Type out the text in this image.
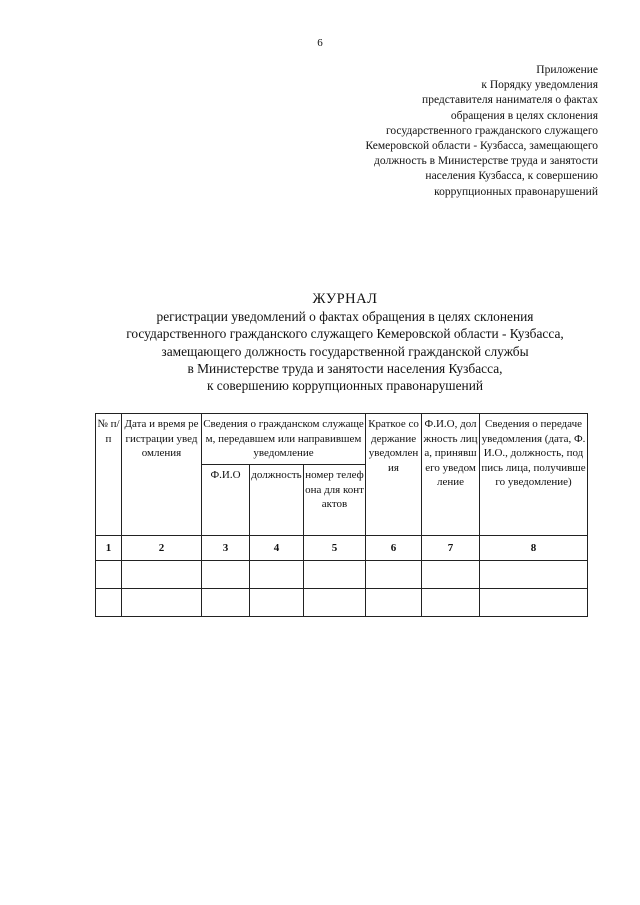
6
Приложение
к Порядку уведомления
представителя нанимателя о фактах
обращения в целях склонения
государственного гражданского служащего
Кемеровской области - Кузбасса, замещающего
должность в Министерстве труда и занятости
населения Кузбасса, к совершению
коррупционных правонарушений
ЖУРНАЛ
регистрации уведомлений о фактах обращения в целях склонения
государственного гражданского служащего Кемеровской области - Кузбасса,
замещающего должность государственной гражданской службы
в Министерстве труда и занятости населения Кузбасса,
к совершению коррупционных правонарушений
№ п/п	Дата и время регистрации уведомления	Сведения о гражданском служащем, передавшем или направившем уведомление			Краткое содержание уведомления	Ф.И.О, должность лица, принявшего уведомление	Сведения о передаче уведомления (дата, Ф.И.О., должность, подпись лица, получившего уведомление)
		Ф.И.О	должность	номер телефона для контактов			
1	2	3	4	5	6	7	8
